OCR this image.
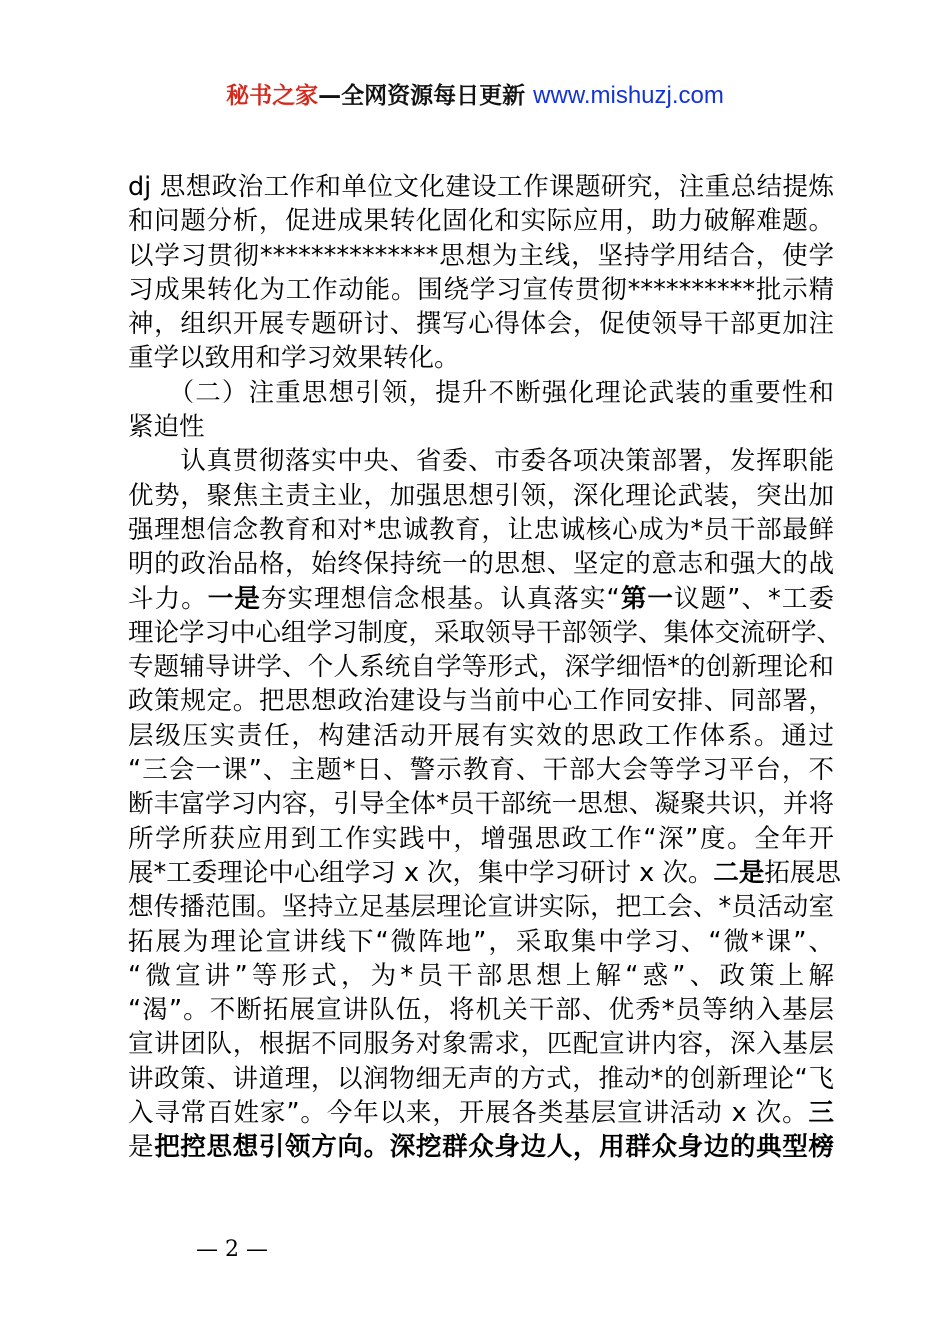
秘书之家—全网资源每日更新 www.mishuzj.com
dj 思想政治工作和单位文化建设工作课题研究，注重总结提炼
和问题分析，促进成果转化固化和实际应用，助力破解难题。
以学习贯彻**************思想为主线，坚持学用结合，使学
习成果转化为工作动能。围绕学习宣传贯彻**********批示精
神，组织开展专题研讨、撰写心得体会，促使领导干部更加注
重学以致用和学习效果转化。
　　（二）注重思想引领，提升不断强化理论武装的重要性和
紧迫性
　　认真贯彻落实中央、省委、市委各项决策部署，发挥职能
优势，聚焦主责主业，加强思想引领，深化理论武装，突出加
强理想信念教育和对*忠诚教育，让忠诚核心成为*员干部最鲜
明的政治品格，始终保持统一的思想、坚定的意志和强大的战
斗力。一是夯实理想信念根基。认真落实“第一议题”、*工委
理论学习中心组学习制度，采取领导干部领学、集体交流研学、
专题辅导讲学、个人系统自学等形式，深学细悟*的创新理论和
政策规定。把思想政治建设与当前中心工作同安排、同部署，
层级压实责任，构建活动开展有实效的思政工作体系。通过
“三会一课”、主题*日、警示教育、干部大会等学习平台，不
断丰富学习内容，引导全体*员干部统一思想、凝聚共识，并将
所学所获应用到工作实践中，增强思政工作“深”度。全年开
展*工委理论中心组学习 x 次，集中学习研讨 x 次。二是拓展思
想传播范围。坚持立足基层理论宣讲实际，把工会、*员活动室
拓展为理论宣讲线下“微阵地”，采取集中学习、“微*课”、
“微宣讲”等形式，为*员干部思想上解“惑”、政策上解
“渴”。不断拓展宣讲队伍，将机关干部、优秀*员等纳入基层
宣讲团队，根据不同服务对象需求，匹配宣讲内容，深入基层
讲政策、讲道理，以润物细无声的方式，推动*的创新理论“飞
入寻常百姓家”。今年以来，开展各类基层宣讲活动 x 次。三
是把控思想引领方向。深挖群众身边人，用群众身边的典型榜
— 2 —
